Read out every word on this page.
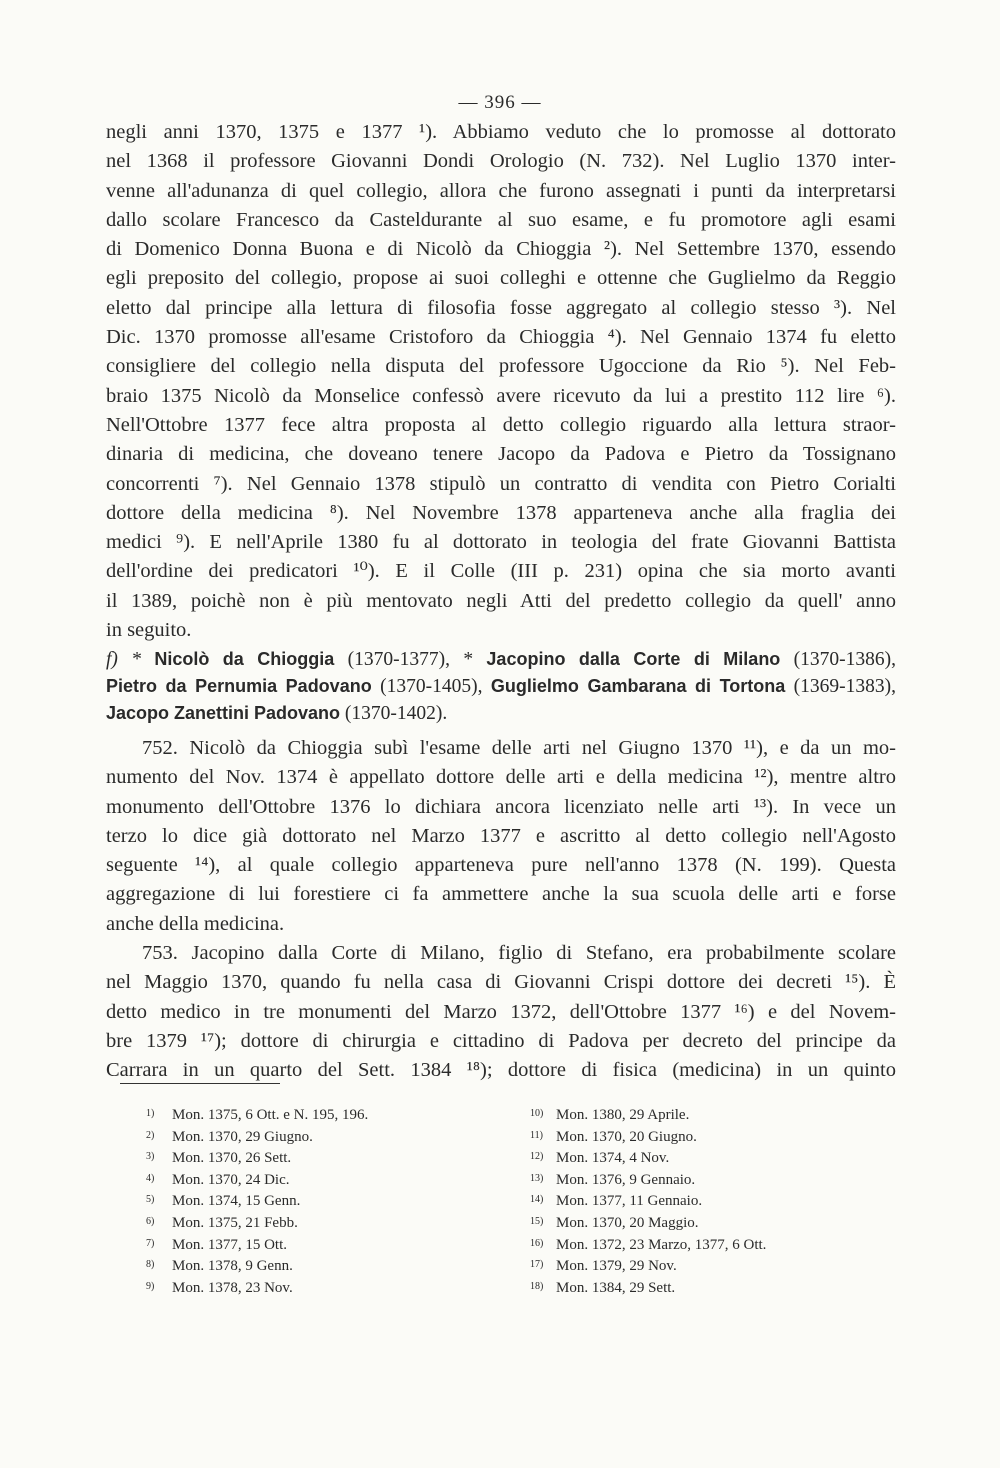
— 396 —
negli anni 1370, 1375 e 1377 ¹). Abbiamo veduto che lo promosse al dottorato
nel 1368 il professore Giovanni Dondi Orologio (N. 732). Nel Luglio 1370 inter-
venne all'adunanza di quel collegio, allora che furono assegnati i punti da interpretarsi
dallo scolare Francesco da Casteldurante al suo esame, e fu promotore agli esami
di Domenico Donna Buona e di Nicolò da Chioggia ²). Nel Settembre 1370, essendo
egli preposito del collegio, propose ai suoi colleghi e ottenne che Guglielmo da Reggio
eletto dal principe alla lettura di filosofia fosse aggregato al collegio stesso ³). Nel
Dic. 1370 promosse all'esame Cristoforo da Chioggia ⁴). Nel Gennaio 1374 fu eletto
consigliere del collegio nella disputa del professore Ugoccione da Rio ⁵). Nel Feb-
braio 1375 Nicolò da Monselice confessò avere ricevuto da lui a prestito 112 lire ⁶).
Nell'Ottobre 1377 fece altra proposta al detto collegio riguardo alla lettura straor-
dinaria di medicina, che doveano tenere Jacopo da Padova e Pietro da Tossignano
concorrenti ⁷). Nel Gennaio 1378 stipulò un contratto di vendita con Pietro Corialti
dottore della medicina ⁸). Nel Novembre 1378 apparteneva anche alla fraglia dei
medici ⁹). E nell'Aprile 1380 fu al dottorato in teologia del frate Giovanni Battista
dell'ordine dei predicatori ¹⁰). E il Colle (III p. 231) opina che sia morto avanti
il 1389, poichè non è più mentovato negli Atti del predetto collegio da quell' anno
in seguito.
f) * Nicolò da Chioggia (1370-1377), * Jacopino dalla Corte di Milano (1370-1386),
Pietro da Pernumia Padovano (1370-1405), Guglielmo Gambarana di Tortona (1369-1383),
Jacopo Zanettini Padovano (1370-1402).
752. Nicolò da Chioggia subì l'esame delle arti nel Giugno 1370 ¹¹), e da un mo-
numento del Nov. 1374 è appellato dottore delle arti e della medicina ¹²), mentre altro
monumento dell'Ottobre 1376 lo dichiara ancora licenziato nelle arti ¹³). In vece un
terzo lo dice già dottorato nel Marzo 1377 e ascritto al detto collegio nell'Agosto
seguente ¹⁴), al quale collegio apparteneva pure nell'anno 1378 (N. 199). Questa
aggregazione di lui forestiere ci fa ammettere anche la sua scuola delle arti e forse
anche della medicina.
753. Jacopino dalla Corte di Milano, figlio di Stefano, era probabilmente scolare
nel Maggio 1370, quando fu nella casa di Giovanni Crispi dottore dei decreti ¹⁵). È
detto medico in tre monumenti del Marzo 1372, dell'Ottobre 1377 ¹⁶) e del Novem-
bre 1379 ¹⁷); dottore di chirurgia e cittadino di Padova per decreto del principe da
Carrara in un quarto del Sett. 1384 ¹⁸); dottore di fisica (medicina) in un quinto
1) Mon. 1375, 6 Ott. e N. 195, 196.
2) Mon. 1370, 29 Giugno.
3) Mon. 1370, 26 Sett.
4) Mon. 1370, 24 Dic.
5) Mon. 1374, 15 Genn.
6) Mon. 1375, 21 Febb.
7) Mon. 1377, 15 Ott.
8) Mon. 1378, 9 Genn.
9) Mon. 1378, 23 Nov.
10) Mon. 1380, 29 Aprile.
11) Mon. 1370, 20 Giugno.
12) Mon. 1374, 4 Nov.
13) Mon. 1376, 9 Gennaio.
14) Mon. 1377, 11 Gennaio.
15) Mon. 1370, 20 Maggio.
16) Mon. 1372, 23 Marzo, 1377, 6 Ott.
17) Mon. 1379, 29 Nov.
18) Mon. 1384, 29 Sett.
